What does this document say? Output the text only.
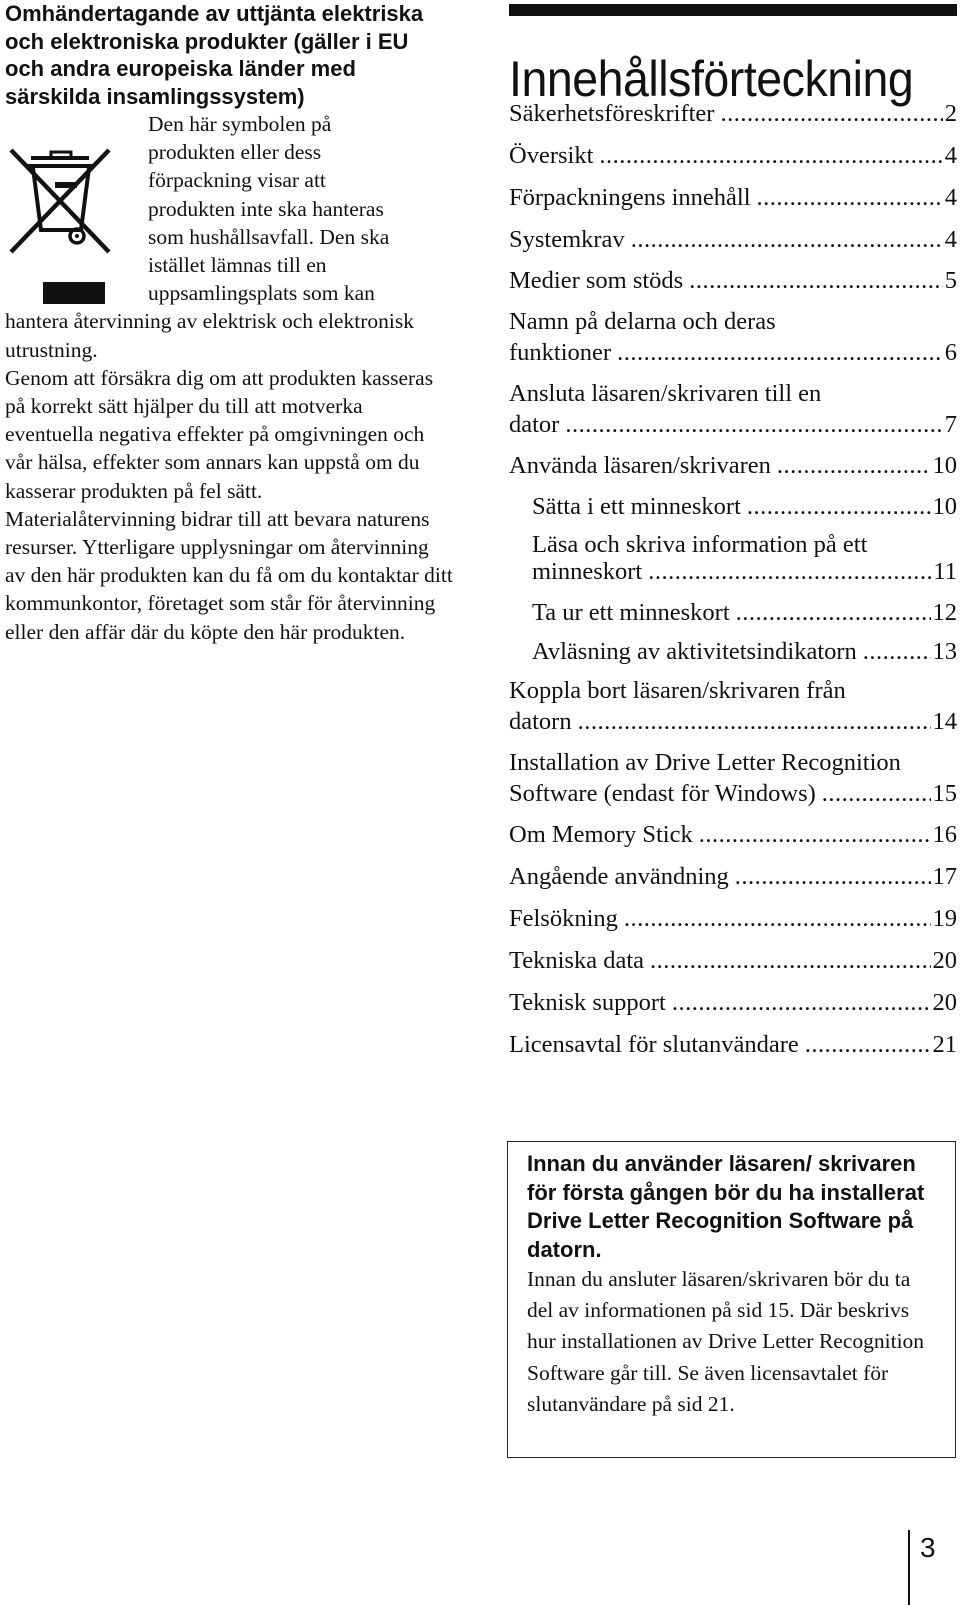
Omhändertagande av uttjänta elektriska och elektroniska produkter (gäller i EU och andra europeiska länder med särskilda insamlingssystem)
Den här symbolen på
produkten eller dess
förpackning visar att
produkten inte ska hanteras
som hushållsavfall. Den ska
istället lämnas till en
uppsamlingsplats som kan
hantera återvinning av elektrisk och elektronisk utrustning.

Genom att försäkra dig om att produkten kasseras på korrekt sätt hjälper du till att motverka eventuella negativa effekter på omgivningen och vår hälsa, effekter som annars kan uppstå om du kasserar produkten på fel sätt.

Materialåtervinning bidrar till att bevara naturens resurser. Ytterligare upplysningar om återvinning av den här produkten kan du få om du kontaktar ditt kommunkontor, företaget som står för återvinning eller den affär där du köpte den här produkten.

Innehållsförteckning
Säkerhetsföreskrifter .....	2
Översikt .....	4
Förpackningens innehåll .....	4
Systemkrav .....	4
Medier som stöds .....	5
Namn på delarna och deras
funktioner .....	6
Ansluta läsaren/skrivaren till en
dator .....	7
Använda läsaren/skrivaren .....	10
Sätta i ett minneskort .....	10
Läsa och skriva information på ett
minneskort .....	11
Ta ur ett minneskort .....	12
Avläsning av aktivitetsindikatorn .....	13
Koppla bort läsaren/skrivaren från
datorn .....	14
Installation av Drive Letter Recognition
Software (endast för Windows) .....	15
Om Memory Stick .....	16
Angående användning .....	17
Felsökning .....	19
Tekniska data .....	20
Teknisk support .....	20
Licensavtal för slutanvändare .....	21

Innan du använder läsaren/ skrivaren för första gången bör du ha installerat Drive Letter Recognition Software på datorn.

Innan du ansluter läsaren/skrivaren bör du ta del av informationen på sid 15. Där beskrivs hur installationen av Drive Letter Recognition Software går till. Se även licensavtalet för slutanvändare på sid 21.

3
